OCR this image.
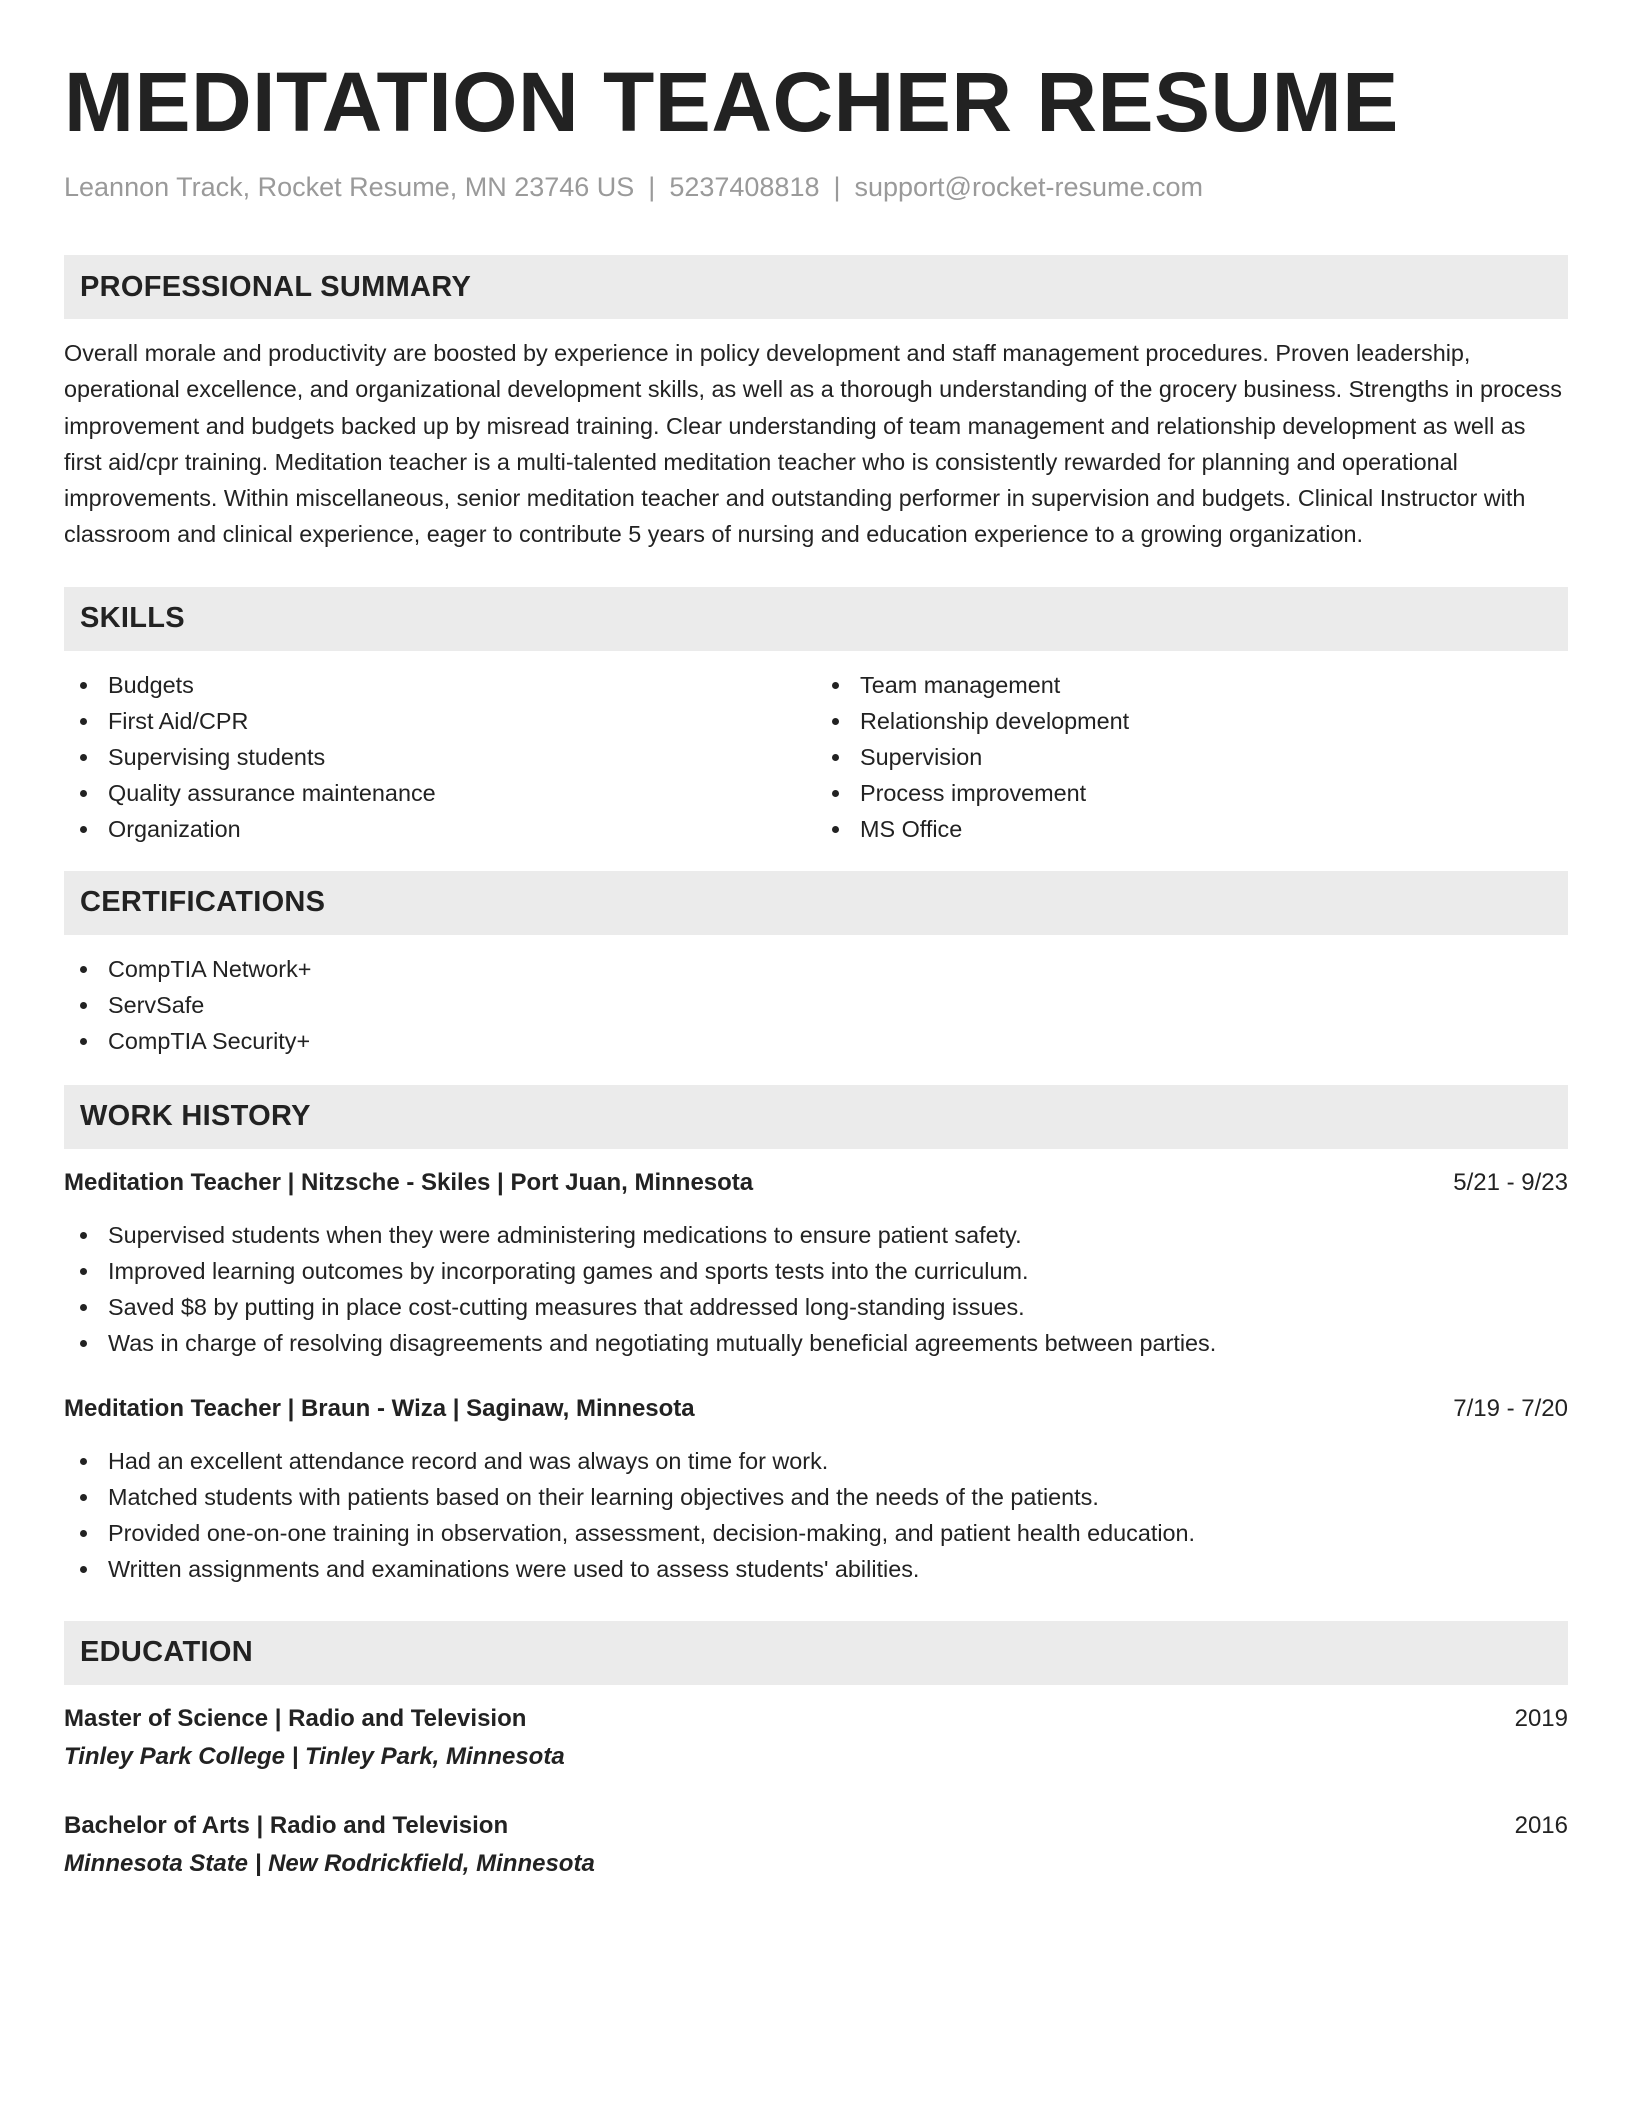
MEDITATION TEACHER RESUME
Leannon Track, Rocket Resume, MN 23746 US | 5237408818 | support@rocket-resume.com
PROFESSIONAL SUMMARY

Overall morale and productivity are boosted by experience in policy development and staff management procedures. Proven leadership, operational excellence, and organizational development skills, as well as a thorough understanding of the grocery business. Strengths in process improvement and budgets backed up by misread training. Clear understanding of team management and relationship development as well as first aid/cpr training. Meditation teacher is a multi-talented meditation teacher who is consistently rewarded for planning and operational improvements. Within miscellaneous, senior meditation teacher and outstanding performer in supervision and budgets. Clinical Instructor with classroom and clinical experience, eager to contribute 5 years of nursing and education experience to a growing organization.

SKILLS
Budgets
First Aid/CPR
Supervising students
Quality assurance maintenance
Organization
Team management
Relationship development
Supervision
Process improvement
MS Office
CERTIFICATIONS
CompTIA Network+
ServSafe
CompTIA Security+
WORK HISTORY
Meditation Teacher | Nitzsche - Skiles | Port Juan, Minnesota	5/21 - 9/23
Supervised students when they were administering medications to ensure patient safety.
Improved learning outcomes by incorporating games and sports tests into the curriculum.
Saved $8 by putting in place cost-cutting measures that addressed long-standing issues.
Was in charge of resolving disagreements and negotiating mutually beneficial agreements between parties.
Meditation Teacher | Braun - Wiza | Saginaw, Minnesota	7/19 - 7/20
Had an excellent attendance record and was always on time for work.
Matched students with patients based on their learning objectives and the needs of the patients.
Provided one-on-one training in observation, assessment, decision-making, and patient health education.
Written assignments and examinations were used to assess students' abilities.
EDUCATION
Master of Science | Radio and Television	2019
Tinley Park College | Tinley Park, Minnesota
Bachelor of Arts | Radio and Television	2016
Minnesota State | New Rodrickfield, Minnesota
